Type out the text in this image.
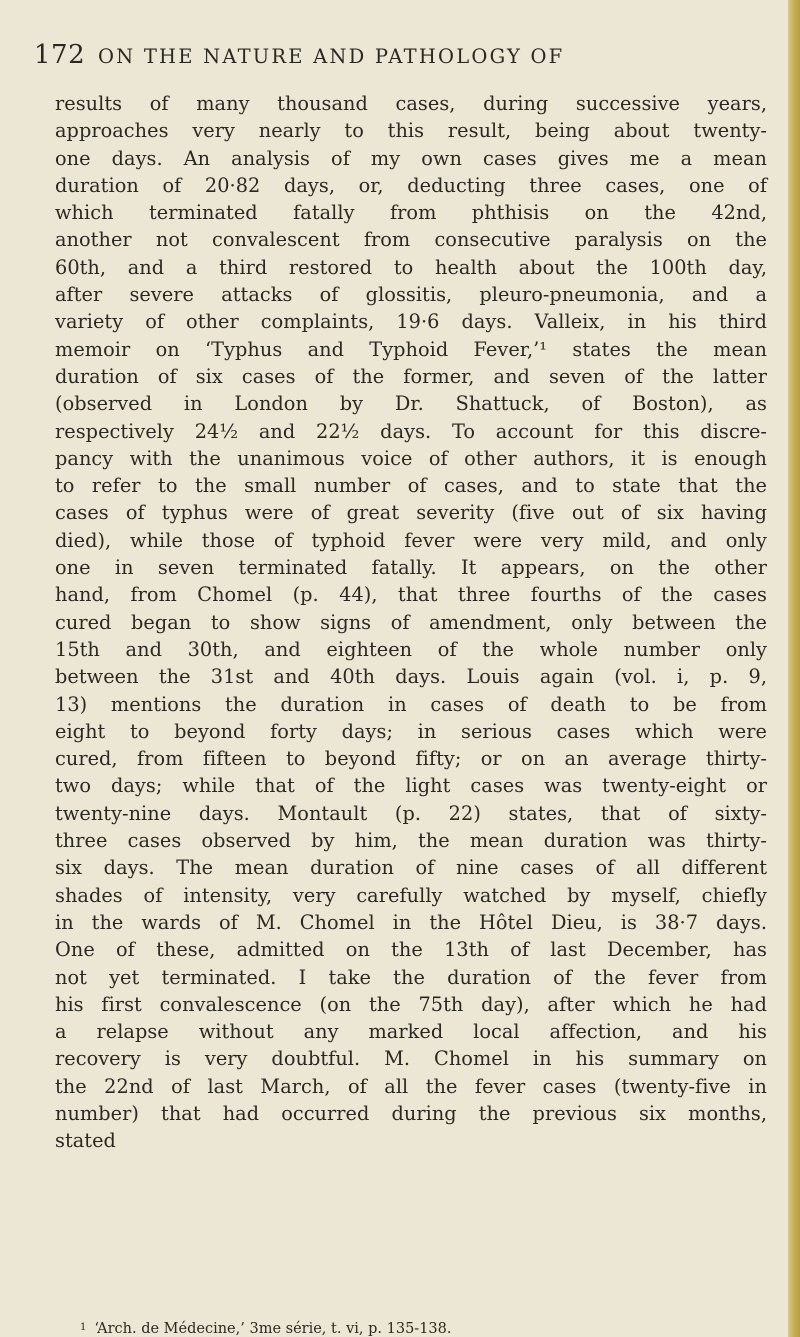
172 ON THE NATURE AND PATHOLOGY OF
results of many thousand cases, during successive years,
approaches very nearly to this result, being about twenty-
one days. An analysis of my own cases gives me a mean
duration of 20·82 days, or, deducting three cases, one of
which terminated fatally from phthisis on the 42nd,
another not convalescent from consecutive paralysis on the
60th, and a third restored to health about the 100th day,
after severe attacks of glossitis, pleuro-pneumonia, and a
variety of other complaints, 19·6 days. Valleix, in his third
memoir on ‘Typhus and Typhoid Fever,’¹ states the mean
duration of six cases of the former, and seven of the latter
(observed in London by Dr. Shattuck, of Boston), as
respectively 24½ and 22½ days. To account for this discre-
pancy with the unanimous voice of other authors, it is enough
to refer to the small number of cases, and to state that the
cases of typhus were of great severity (five out of six having
died), while those of typhoid fever were very mild, and only
one in seven terminated fatally. It appears, on the other
hand, from Chomel (p. 44), that three fourths of the cases
cured began to show signs of amendment, only between the
15th and 30th, and eighteen of the whole number only
between the 31st and 40th days. Louis again (vol. i, p. 9,
13) mentions the duration in cases of death to be from
eight to beyond forty days; in serious cases which were
cured, from fifteen to beyond fifty; or on an average thirty-
two days; while that of the light cases was twenty-eight or
twenty-nine days. Montault (p. 22) states, that of sixty-
three cases observed by him, the mean duration was thirty-
six days. The mean duration of nine cases of all different
shades of intensity, very carefully watched by myself, chiefly
in the wards of M. Chomel in the Hôtel Dieu, is 38·7 days.
One of these, admitted on the 13th of last December, has
not yet terminated. I take the duration of the fever from
his first convalescence (on the 75th day), after which he had
a relapse without any marked local affection, and his
recovery is very doubtful. M. Chomel in his summary on
the 22nd of last March, of all the fever cases (twenty-five in
number) that had occurred during the previous six months,
stated
$^1$ ‘Arch. de Médecine,’ 3me série, t. vi, p. 135-138.
